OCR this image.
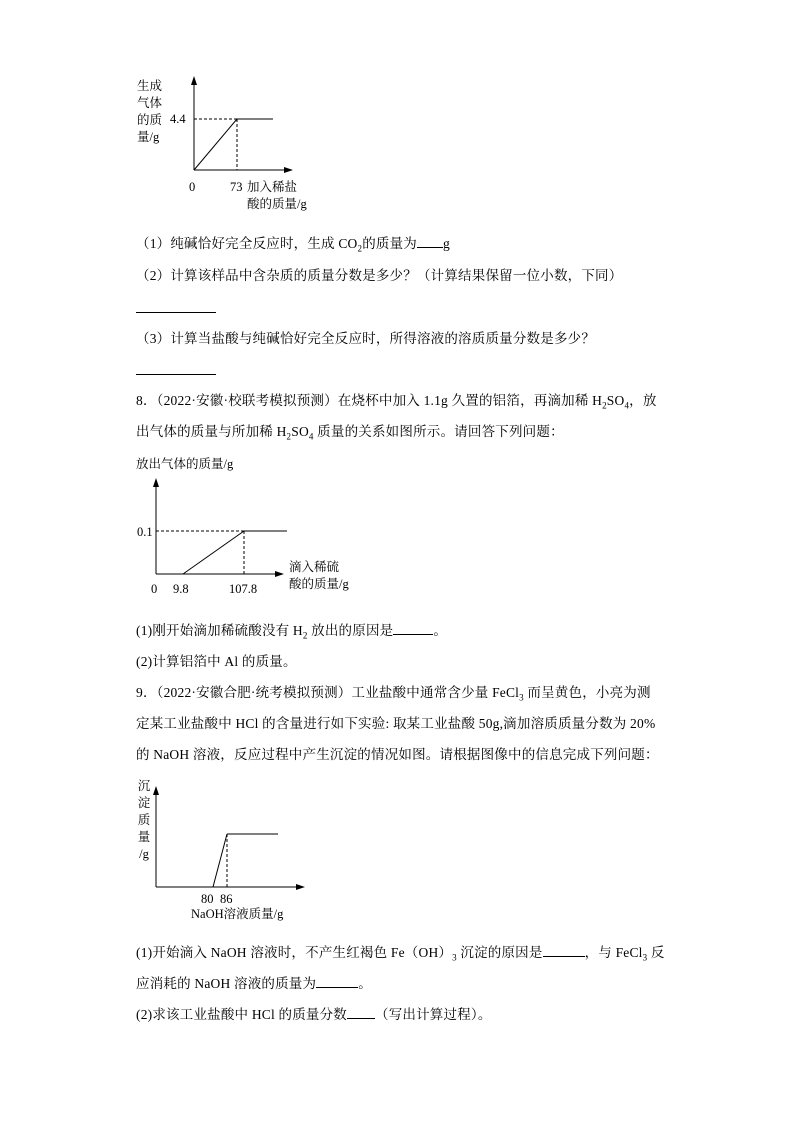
生成
气体
的质
量/g
4.4
0	73 加入稀盐
酸的质量/g
（1）纯碱恰好完全反应时，生成 $CO_2$的质量为 g
（2）计算该样品中含杂质的质量分数是多少？（计算结果保留一位小数，下同）
（3）计算当盐酸与纯碱恰好完全反应时，所得溶液的溶质质量分数是多少？
8．（2022·安徽·校联考模拟预测）在烧杯中加入 1.1g 久置的铝箔，再滴加稀 $H_2SO_4$，放
出气体的质量与所加稀 $H_2SO_4$ 质量的关系如图所示。请回答下列问题：
放出气体的质量/g
0.1
0 9.8	107.8
滴入稀硫
酸的质量/g
(1)刚开始滴加稀硫酸没有 $H_2$ 放出的原因是	。
(2)计算铝箔中 Al 的质量。
9．（2022·安徽合肥·统考模拟预测）工业盐酸中通常含少量 FeCl$_3$ 而呈黄色，小亮为测
定某工业盐酸中 HCl 的含量进行如下实验: 取某工业盐酸 50g,滴加溶质质量分数为 20%
的 NaOH 溶液，反应过程中产生沉淀的情况如图。请根据图像中的信息完成下列问题：
沉
淀
质
量
/g
80 86
NaOH溶液质量/g
(1)开始滴入 NaOH 溶液时，不产生红褐色 $Fe(OH)_3$ 沉淀的原因是	，与 FeCl$_3$ 反
应消耗的 NaOH 溶液的质量为	。
(2)求该工业盐酸中 HCl 的质量分数 （写出计算过程）。
